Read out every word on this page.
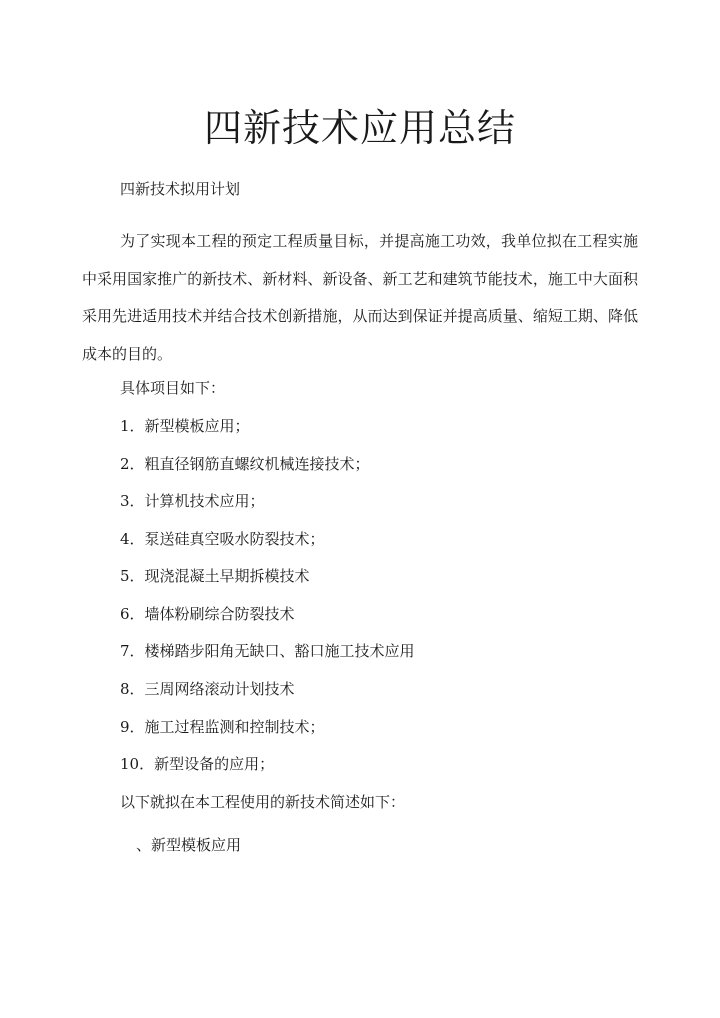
四新技术应用总结
四新技术拟用计划

为了实现本工程的预定工程质量目标，并提高施工功效，我单位拟在工程实施中采用国家推广的新技术、新材料、新设备、新工艺和建筑节能技术，施工中大面积采用先进适用技术并结合技术创新措施，从而达到保证并提高质量、缩短工期、降低成本的目的。

具体项目如下：
1．新型模板应用；
2．粗直径钢筋直螺纹机械连接技术；
3．计算机技术应用；
4．泵送硅真空吸水防裂技术；
5．现浇混凝土早期拆模技术
6．墙体粉刷综合防裂技术
7．楼梯踏步阳角无缺口、豁口施工技术应用
8．三周网络滚动计划技术
9．施工过程监测和控制技术；
10．新型设备的应用；
以下就拟在本工程使用的新技术简述如下：
、新型模板应用
